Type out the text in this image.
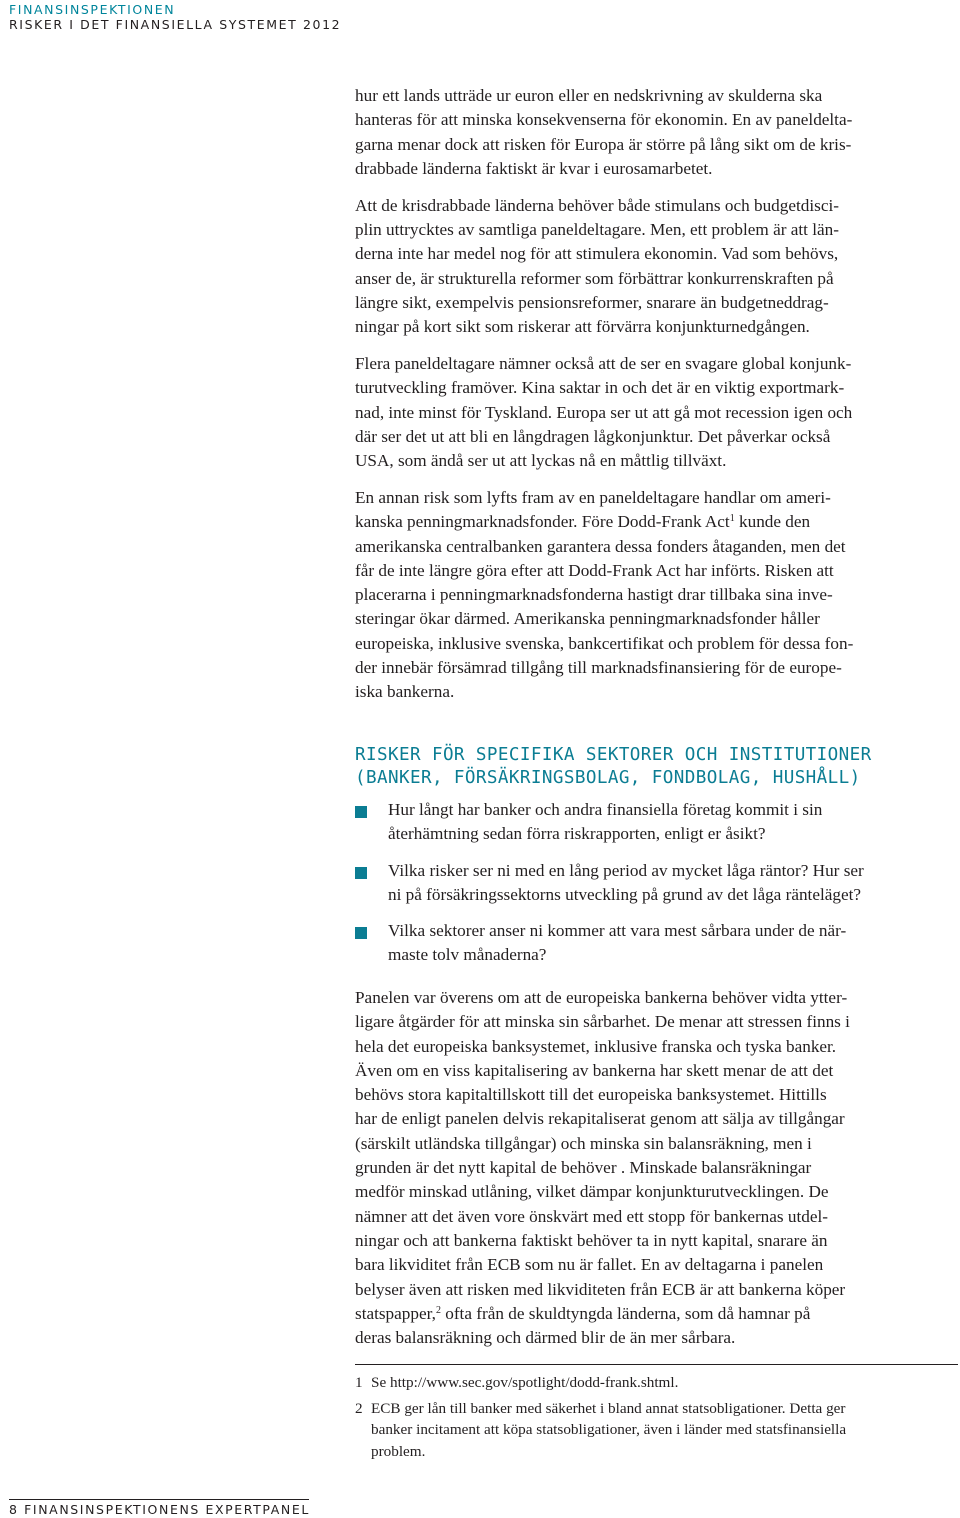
FINANSINSPEKTIONEN
RISKER I DET FINANSIELLA SYSTEMET 2012

hur ett lands utträde ur euron eller en nedskrivning av skulderna ska
hanteras för att minska konsekvenserna för ekonomin. En av paneldelta-
garna menar dock att risken för Europa är större på lång sikt om de kris-
drabbade länderna faktiskt är kvar i eurosamarbetet.

Att de krisdrabbade länderna behöver både stimulans och budgetdisci-
plin uttrycktes av samtliga paneldeltagare. Men, ett problem är att län-
derna inte har medel nog för att stimulera ekonomin. Vad som behövs,
anser de, är strukturella reformer som förbättrar konkurrenskraften på
längre sikt, exempelvis pensionsreformer, snarare än budgetneddrag-
ningar på kort sikt som riskerar att förvärra konjunkturnedgången.

Flera paneldeltagare nämner också att de ser en svagare global konjunk-
turutveckling framöver. Kina saktar in och det är en viktig exportmark-
nad, inte minst för Tyskland. Europa ser ut att gå mot recession igen och
där ser det ut att bli en långdragen lågkonjunktur. Det påverkar också
USA, som ändå ser ut att lyckas nå en måttlig tillväxt.

En annan risk som lyfts fram av en paneldeltagare handlar om ameri-
kanska penningmarknadsfonder. Före Dodd-Frank Act$^1$ kunde den
amerikanska centralbanken garantera dessa fonders åtaganden, men det
får de inte längre göra efter att Dodd-Frank Act har införts. Risken att
placerarna i penningmarknadsfonderna hastigt drar tillbaka sina inve-
steringar ökar därmed. Amerikanska penningmarknadsfonder håller
europeiska, inklusive svenska, bankcertifikat och problem för dessa fon-
der innebär försämrad tillgång till marknadsfinansiering för de europe-
iska bankerna.

RISKER FÖR SPECIFIKA SEKTORER OCH INSTITUTIONER
(BANKER, FÖRSÄKRINGSBOLAG, FONDBOLAG, HUSHÅLL)
Hur långt har banker och andra finansiella företag kommit i sin
återhämtning sedan förra riskrapporten, enligt er åsikt?
Vilka risker ser ni med en lång period av mycket låga räntor? Hur ser
ni på försäkringssektorns utveckling på grund av det låga ränteläget?
Vilka sektorer anser ni kommer att vara mest sårbara under de när-
maste tolv månaderna?

Panelen var överens om att de europeiska bankerna behöver vidta ytter-
ligare åtgärder för att minska sin sårbarhet. De menar att stressen finns i
hela det europeiska banksystemet, inklusive franska och tyska banker.
Även om en viss kapitalisering av bankerna har skett menar de att det
behövs stora kapitaltillskott till det europeiska banksystemet. Hittills
har de enligt panelen delvis rekapitaliserat genom att sälja av tillgångar
(särskilt utländska tillgångar) och minska sin balansräkning, men i
grunden är det nytt kapital de behöver . Minskade balansräkningar
medför minskad utlåning, vilket dämpar konjunkturutvecklingen. De
nämner att det även vore önskvärt med ett stopp för bankernas utdel-
ningar och att bankerna faktiskt behöver ta in nytt kapital, snarare än
bara likviditet från ECB som nu är fallet. En av deltagarna i panelen
belyser även att risken med likviditeten från ECB är att bankerna köper
statspapper,$^2$ ofta från de skuldtyngda länderna, som då hamnar på
deras balansräkning och därmed blir de än mer sårbara.

1 Se http://www.sec.gov/spotlight/dodd-frank.shtml.
2 ECB ger lån till banker med säkerhet i bland annat statsobligationer. Detta ger
banker incitament att köpa statsobligationer, även i länder med statsfinansiella
problem.
8 FINANSINSPEKTIONENS EXPERTPANEL
